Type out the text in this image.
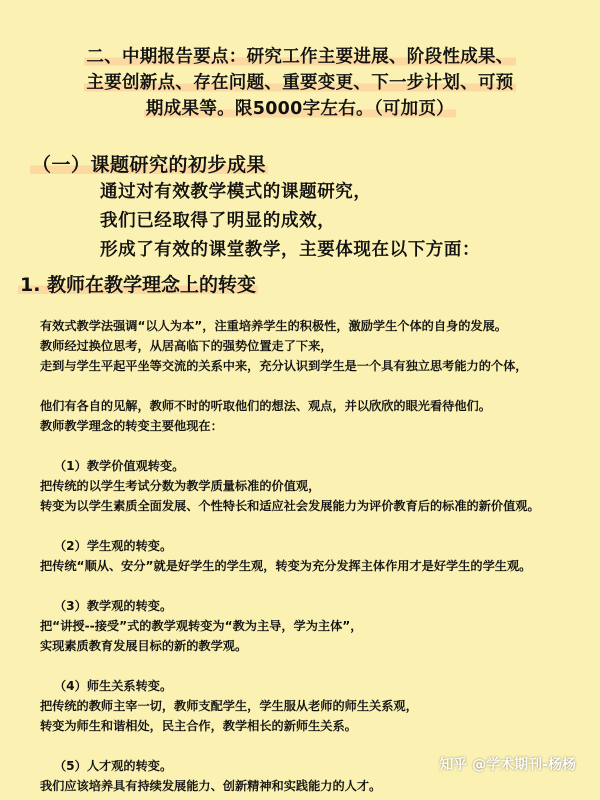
二、中期报告要点：研究工作主要进展、阶段性成果、
主要创新点、存在问题、重要变更、下一步计划、可预
期成果等。限5000字左右。（可加页）
（一）课题研究的初步成果
通过对有效教学模式的课题研究，
我们已经取得了明显的成效，
形成了有效的课堂教学，主要体现在以下方面：
1. 教师在教学理念上的转变
有效式教学法强调“以人为本”，注重培养学生的积极性，激励学生个体的自身的发展。
教师经过换位思考，从居高临下的强势位置走了下来，
走到与学生平起平坐等交流的关系中来，充分认识到学生是一个具有独立思考能力的个体，
他们有各自的见解，教师不时的听取他们的想法、观点，并以欣欣的眼光看待他们。
教师教学理念的转变主要他现在：
（1）教学价值观转变。
把传统的以学生考试分数为教学质量标准的价值观，
转变为以学生素质全面发展、个性特长和适应社会发展能力为评价教育后的标准的新价值观。
（2）学生观的转变。
把传统“顺从、安分”就是好学生的学生观，转变为充分发挥主体作用才是好学生的学生观。
（3）教学观的转变。
把“讲授--接受”式的教学观转变为“教为主导，学为主体”，
实现素质教育发展目标的新的教学观。
（4）师生关系转变。
把传统的教师主宰一切，教师支配学生，学生服从老师的师生关系观，
转变为师生和谐相处，民主合作，教学相长的新师生关系。
（5）人才观的转变。
我们应该培养具有持续发展能力、创新精神和实践能力的人才。
知乎 @学术期刊-杨杨
